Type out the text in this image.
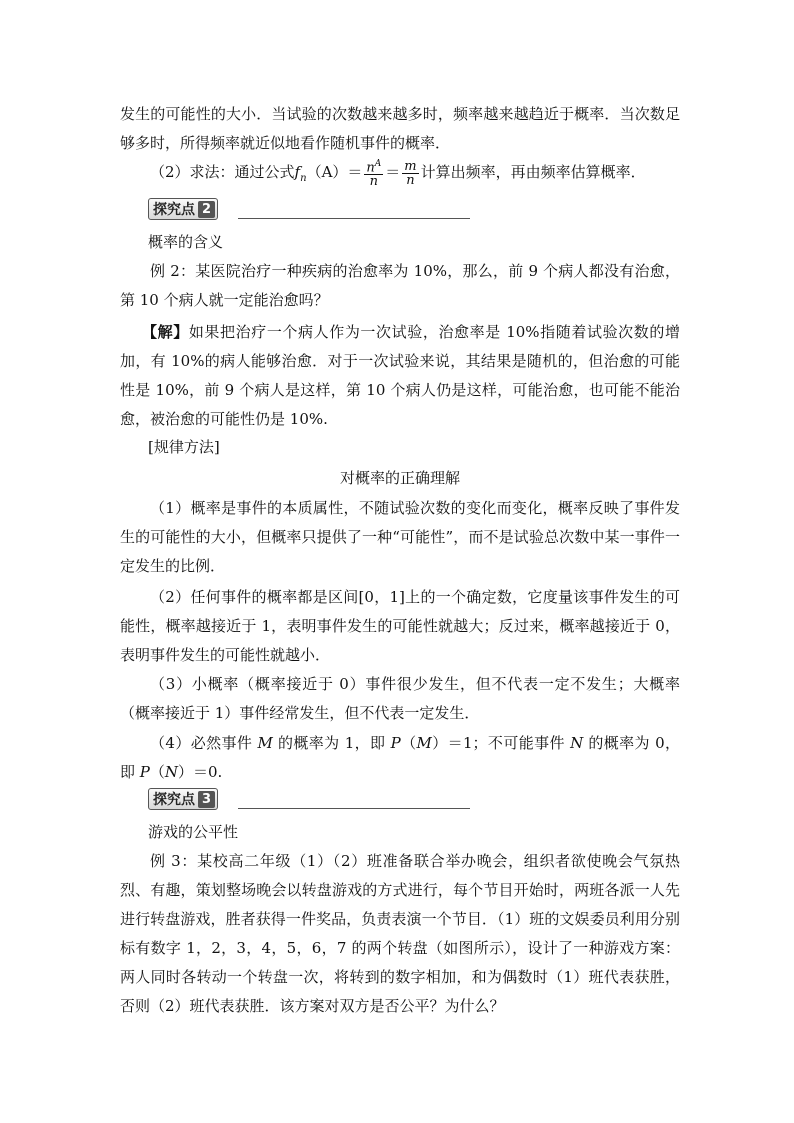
发生的可能性的大小．当试验的次数越来越多时，频率越来越趋近于概率．当次数足够多时，所得频率就近似地看作随机事件的概率．

（2）求法：通过公式$f_n(A)= \frac{n^A}{n} = \frac{m}{n}$ 计算出频率，再由频率估算概率．
探究点 2
概率的含义

例 2：某医院治疗一种疾病的治愈率为 10%，那么，前 9 个病人都没有治愈，第 10 个病人就一定能治愈吗？

【解】如果把治疗一个病人作为一次试验，治愈率是 10%指随着试验次数的增加，有 10%的病人能够治愈．对于一次试验来说，其结果是随机的，但治愈的可能性是 10%，前 9 个病人是这样，第 10 个病人仍是这样，可能治愈，也可能不能治愈，被治愈的可能性仍是 10%.

[规律方法]
对概率的正确理解

（1）概率是事件的本质属性，不随试验次数的变化而变化，概率反映了事件发生的可能性的大小，但概率只提供了一种“可能性”，而不是试验总次数中某一事件一定发生的比例．

（2）任何事件的概率都是区间[0，1]上的一个确定数，它度量该事件发生的可能性，概率越接近于 1，表明事件发生的可能性就越大；反过来，概率越接近于 0，表明事件发生的可能性就越小．

（3）小概率（概率接近于 0）事件很少发生，但不代表一定不发生；大概率（概率接近于 1）事件经常发生，但不代表一定发生．

（4）必然事件 M 的概率为 1，即 P（M）＝1；不可能事件 N 的概率为 0，即 P（N）＝0.

探究点 3
游戏的公平性

例 3：某校高二年级（1）（2）班准备联合举办晚会，组织者欲使晚会气氛热烈、有趣，策划整场晚会以转盘游戏的方式进行，每个节目开始时，两班各派一人先进行转盘游戏，胜者获得一件奖品，负责表演一个节目．（1）班的文娱委员利用分别标有数字 1，2，3，4，5，6，7 的两个转盘（如图所示），设计了一种游戏方案：两人同时各转动一个转盘一次，将转到的数字相加，和为偶数时（1）班代表获胜，否则（2）班代表获胜．该方案对双方是否公平？为什么？
